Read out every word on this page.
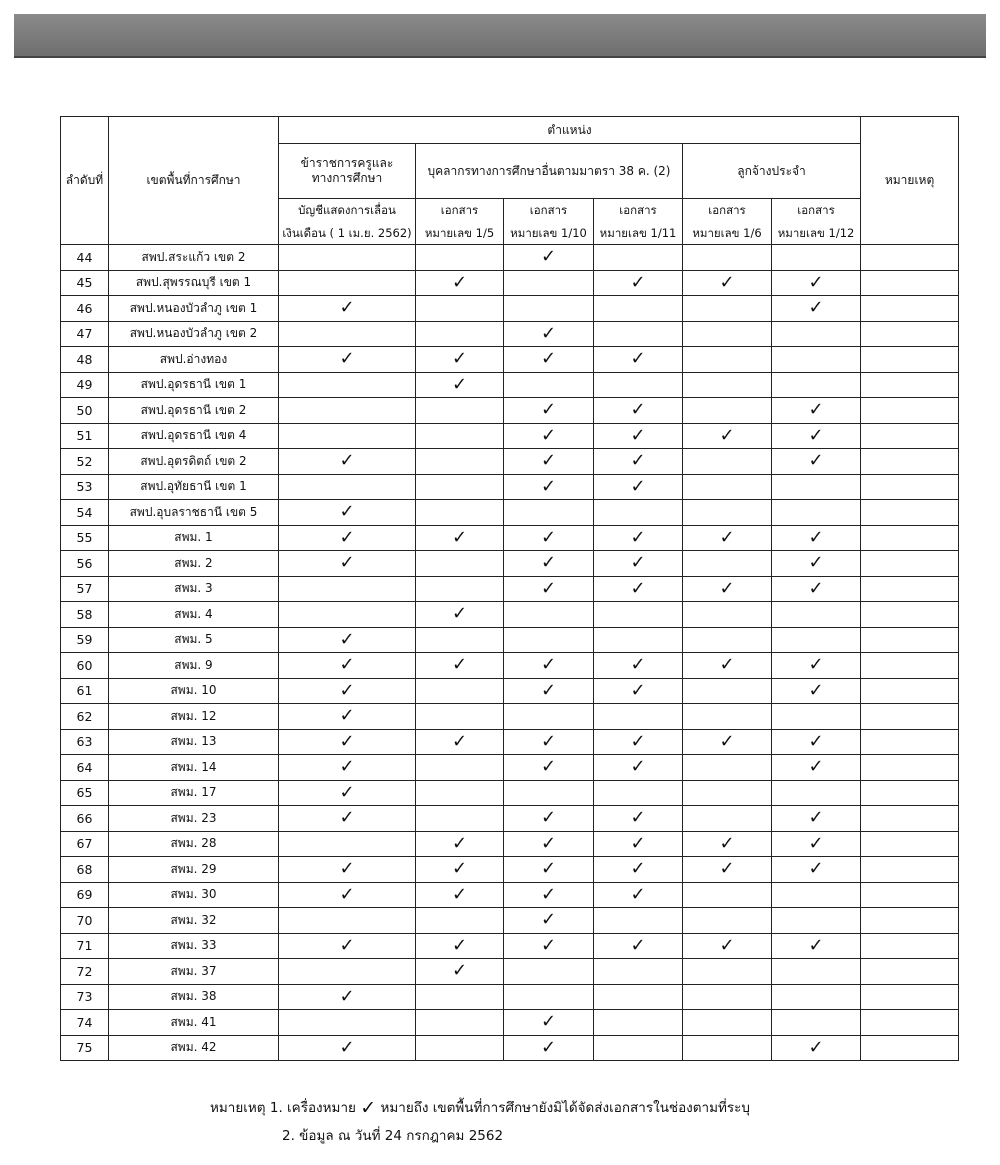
ลำดับที่	เขตพื้นที่การศึกษา	ตำแหน่ง						หมายเหตุ
		ข้าราชการครูและทางการศึกษา	บุคลากรทางการศึกษาอื่นตามมาตรา 38 ค. (2)			ลูกจ้างประจำ		
		บัญชีแสดงการเลื่อน	เอกสาร	เอกสาร	เอกสาร	เอกสาร	เอกสาร	
		เงินเดือน ( 1 เม.ย. 2562)	หมายเลข 1/5	หมายเลข 1/10	หมายเลข 1/11	หมายเลข 1/6	หมายเลข 1/12	
44	สพป.สระแก้ว เขต 2			✓				
45	สพป.สุพรรณบุรี เขต 1		✓		✓	✓	✓	
46	สพป.หนองบัวลำภู เขต 1	✓					✓	
47	สพป.หนองบัวลำภู เขต 2			✓				
48	สพป.อ่างทอง	✓	✓	✓	✓			
49	สพป.อุดรธานี เขต 1		✓					
50	สพป.อุดรธานี เขต 2			✓	✓		✓	
51	สพป.อุดรธานี เขต 4			✓	✓	✓	✓	
52	สพป.อุตรดิตถ์ เขต 2	✓		✓	✓		✓	
53	สพป.อุทัยธานี เขต 1			✓	✓			
54	สพป.อุบลราชธานี เขต 5	✓						
55	สพม. 1	✓	✓	✓	✓	✓	✓	
56	สพม. 2	✓		✓	✓		✓	
57	สพม. 3			✓	✓	✓	✓	
58	สพม. 4		✓					
59	สพม. 5	✓						
60	สพม. 9	✓	✓	✓	✓	✓	✓	
61	สพม. 10	✓		✓	✓		✓	
62	สพม. 12	✓						
63	สพม. 13	✓	✓	✓	✓	✓	✓	
64	สพม. 14	✓		✓	✓		✓	
65	สพม. 17	✓						
66	สพม. 23	✓		✓	✓		✓	
67	สพม. 28		✓	✓	✓	✓	✓	
68	สพม. 29	✓	✓	✓	✓	✓	✓	
69	สพม. 30	✓	✓	✓	✓			
70	สพม. 32			✓				
71	สพม. 33	✓	✓	✓	✓	✓	✓	
72	สพม. 37		✓					
73	สพม. 38	✓						
74	สพม. 41			✓				
75	สพม. 42	✓		✓			✓	
หมายเหตุ 1. เครื่องหมาย ✓ หมายถึง เขตพื้นที่การศึกษายังมิได้จัดส่งเอกสารในช่องตามที่ระบุ
2. ข้อมูล ณ วันที่ 24 กรกฎาคม 2562
